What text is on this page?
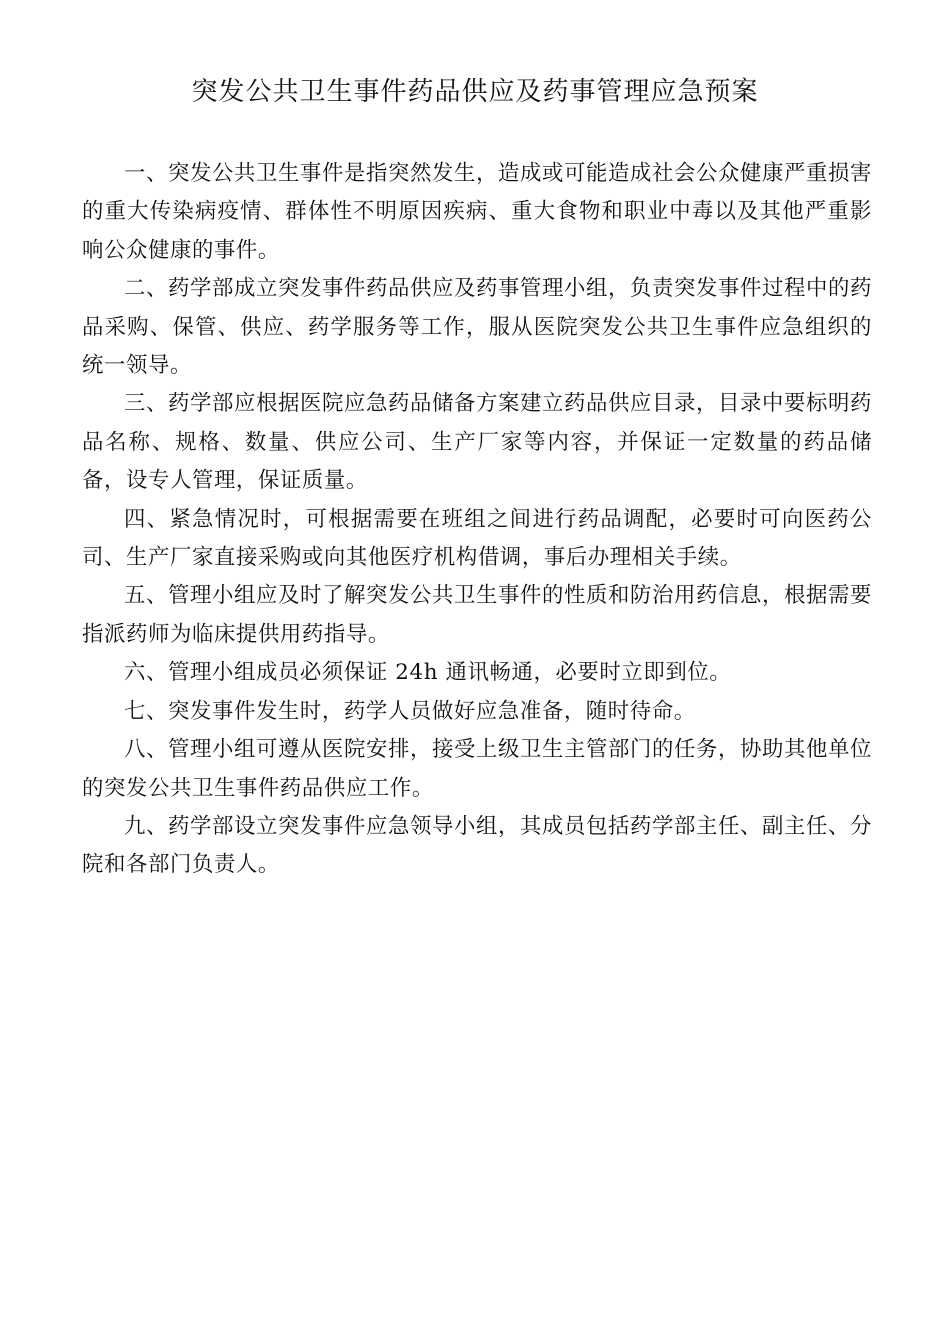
突发公共卫生事件药品供应及药事管理应急预案

一、突发公共卫生事件是指突然发生，造成或可能造成社会公众健康严重损害的重大传染病疫情、群体性不明原因疾病、重大食物和职业中毒以及其他严重影响公众健康的事件。

二、药学部成立突发事件药品供应及药事管理小组，负责突发事件过程中的药品采购、保管、供应、药学服务等工作，服从医院突发公共卫生事件应急组织的统一领导。

三、药学部应根据医院应急药品储备方案建立药品供应目录，目录中要标明药品名称、规格、数量、供应公司、生产厂家等内容，并保证一定数量的药品储备，设专人管理，保证质量。

四、紧急情况时，可根据需要在班组之间进行药品调配，必要时可向医药公司、生产厂家直接采购或向其他医疗机构借调，事后办理相关手续。

五、管理小组应及时了解突发公共卫生事件的性质和防治用药信息，根据需要指派药师为临床提供用药指导。

六、管理小组成员必须保证 24h 通讯畅通，必要时立即到位。

七、突发事件发生时，药学人员做好应急准备，随时待命。

八、管理小组可遵从医院安排，接受上级卫生主管部门的任务，协助其他单位的突发公共卫生事件药品供应工作。

九、药学部设立突发事件应急领导小组，其成员包括药学部主任、副主任、分院和各部门负责人。
